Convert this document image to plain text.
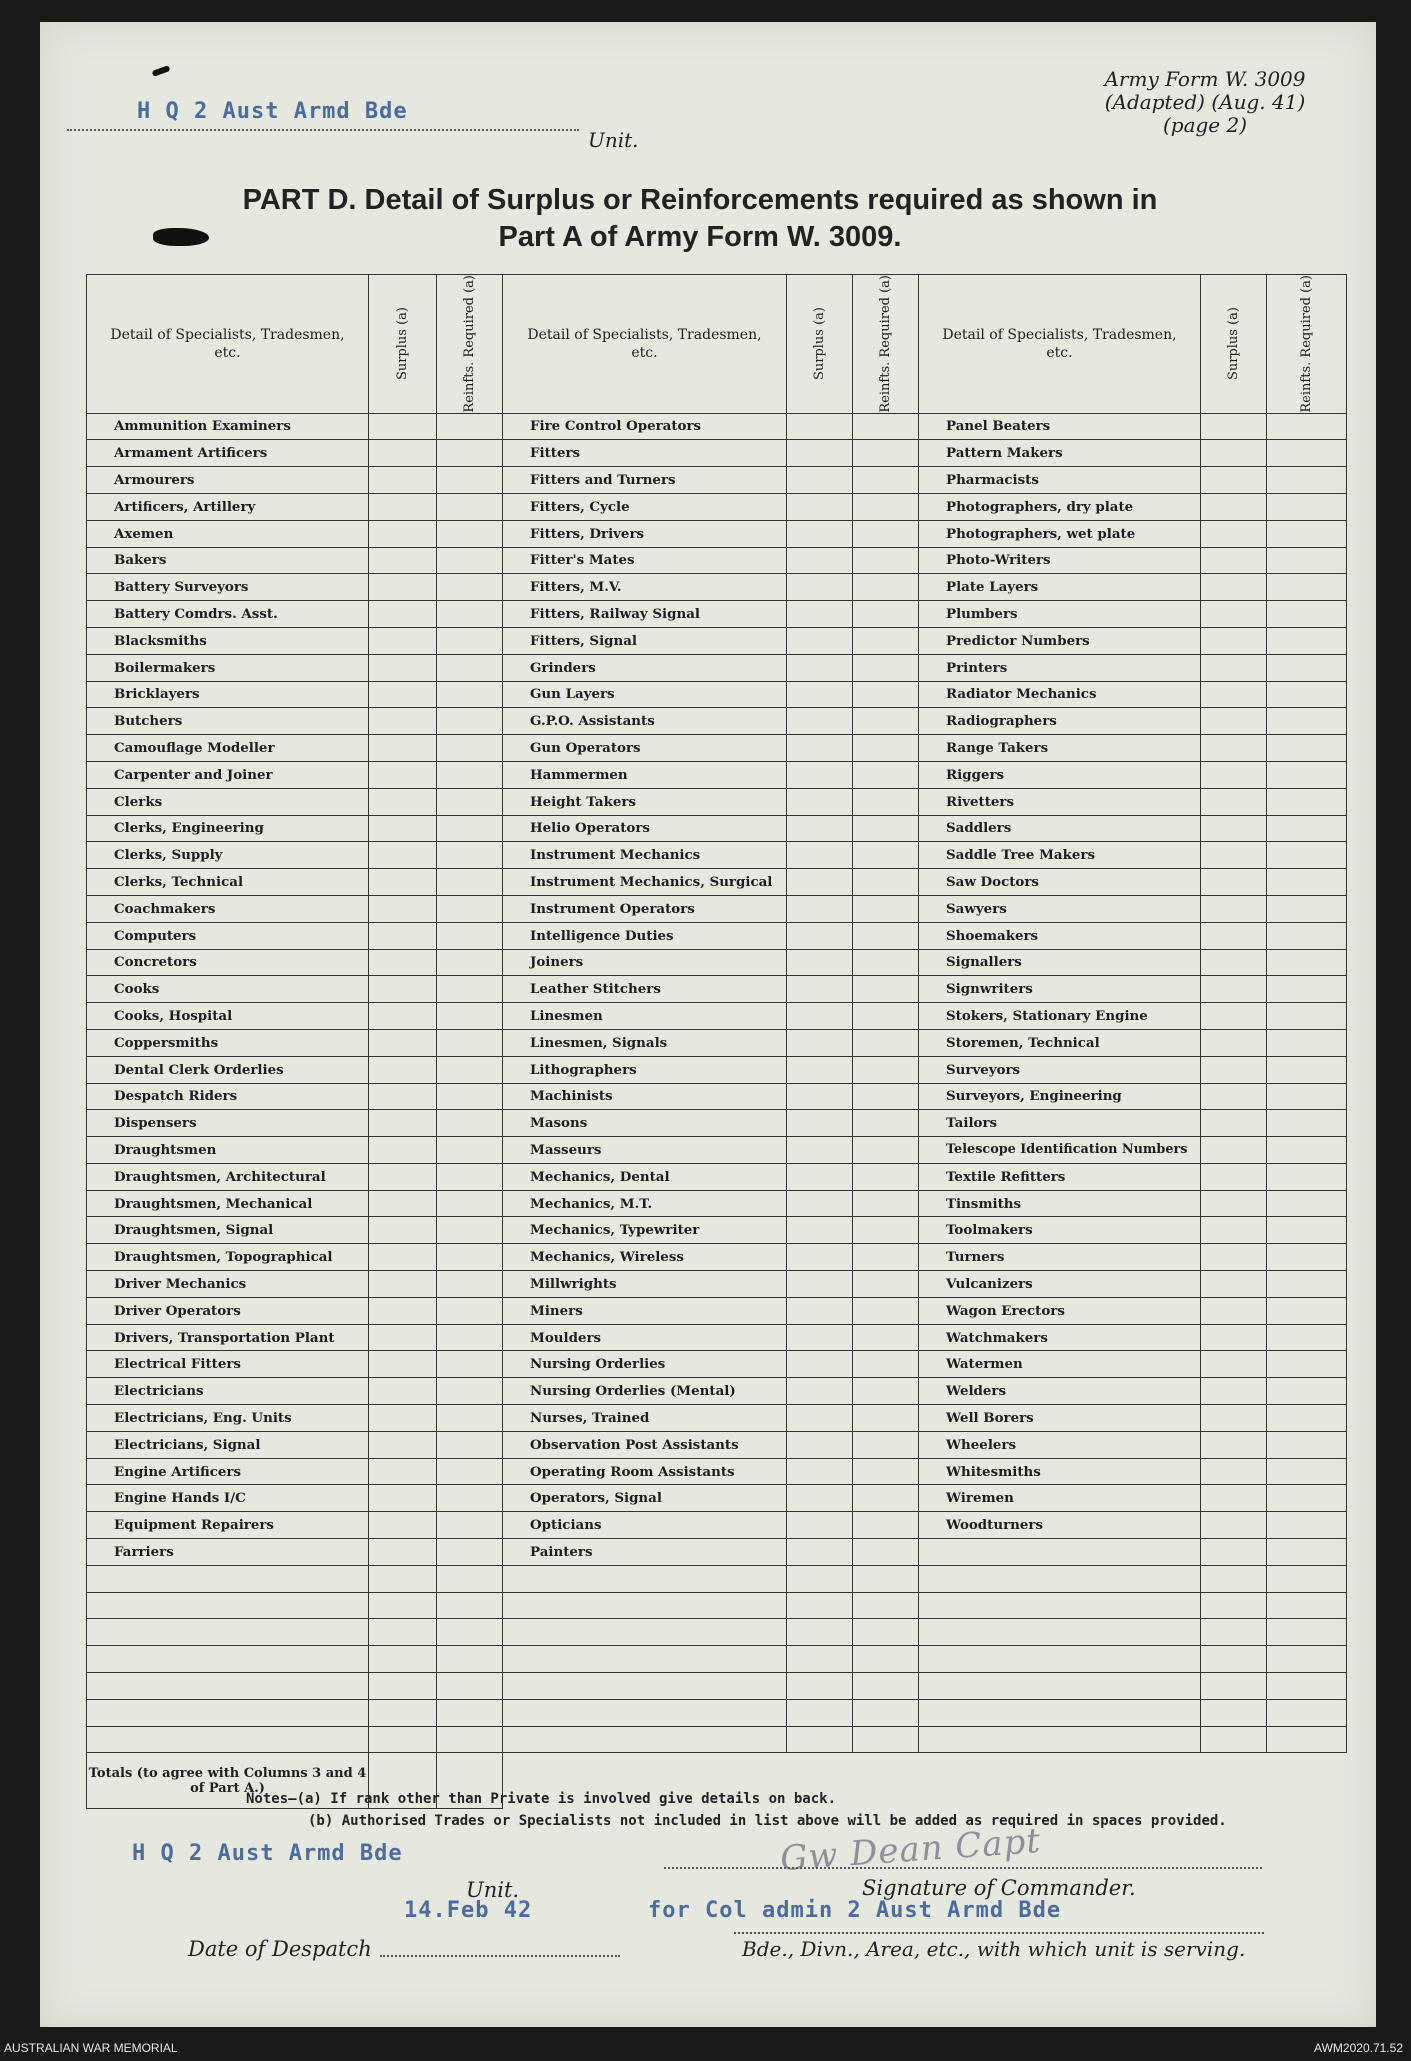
Army Form W. 3009
(Adapted) (Aug. 41)
(page 2)
H Q 2 Aust Armd Bde
Unit.
PART D. Detail of Surplus or Reinforcements required as shown in
Part A of Army Form W. 3009.
Detail of Specialists, Tradesmen, etc.	Surplus (a)	Reinfts. Required (a)	Detail of Specialists, Tradesmen, etc.	Surplus (a)	Reinfts. Required (a)	Detail of Specialists, Tradesmen, etc.	Surplus (a)	Reinfts. Required (a)

Ammunition Examiners			Fire Control Operators			Panel Beaters		
Armament Artificers			Fitters			Pattern Makers		
Armourers			Fitters and Turners			Pharmacists		
Artificers, Artillery			Fitters, Cycle			Photographers, dry plate		
Axemen			Fitters, Drivers			Photographers, wet plate		
Bakers			Fitter's Mates			Photo-Writers		
Battery Surveyors			Fitters, M.V.			Plate Layers		
Battery Comdrs. Asst.			Fitters, Railway Signal			Plumbers		
Blacksmiths			Fitters, Signal			Predictor Numbers		
Boilermakers			Grinders			Printers		
Bricklayers			Gun Layers			Radiator Mechanics		
Butchers			G.P.O. Assistants			Radiographers		
Camouflage Modeller			Gun Operators			Range Takers		
Carpenter and Joiner			Hammermen			Riggers		
Clerks			Height Takers			Rivetters		
Clerks, Engineering			Helio Operators			Saddlers		
Clerks, Supply			Instrument Mechanics			Saddle Tree Makers		
Clerks, Technical			Instrument Mechanics, Surgical			Saw Doctors		
Coachmakers			Instrument Operators			Sawyers		
Computers			Intelligence Duties			Shoemakers		
Concretors			Joiners			Signallers		
Cooks			Leather Stitchers			Signwriters		
Cooks, Hospital			Linesmen			Stokers, Stationary Engine		
Coppersmiths			Linesmen, Signals			Storemen, Technical		
Dental Clerk Orderlies			Lithographers			Surveyors		
Despatch Riders			Machinists			Surveyors, Engineering		
Dispensers			Masons			Tailors		
Draughtsmen			Masseurs			Telescope Identification Numbers		
Draughtsmen, Architectural			Mechanics, Dental			Textile Refitters		
Draughtsmen, Mechanical			Mechanics, M.T.			Tinsmiths		
Draughtsmen, Signal			Mechanics, Typewriter			Toolmakers		
Draughtsmen, Topographical			Mechanics, Wireless			Turners		
Driver Mechanics			Millwrights			Vulcanizers		
Driver Operators			Miners			Wagon Erectors		
Drivers, Transportation Plant			Moulders			Watchmakers		
Electrical Fitters			Nursing Orderlies			Watermen		
Electricians			Nursing Orderlies (Mental)			Welders		
Electricians, Eng. Units			Nurses, Trained			Well Borers		
Electricians, Signal			Observation Post Assistants			Wheelers		
Engine Artificers			Operating Room Assistants			Whitesmiths		
Engine Hands I/C			Operators, Signal			Wiremen		
Equipment Repairers			Opticians			Woodturners		
Farriers			Painters					

Totals (to agree with Columns 3 and 4 of Part A.)								
Notes—(a) If rank other than Private is involved give details on back.
(b) Authorised Trades or Specialists not included in list above will be added as required in spaces provided.
H Q 2 Aust Armd Bde
Unit.
14.Feb 42
Gw Dean Capt
Signature of Commander.
for Col admin 2 Aust Armd Bde
Bde., Divn., Area, etc., with which unit is serving.
Date of Despatch
AUSTRALIAN WAR MEMORIAL	AWM2020.71.52
